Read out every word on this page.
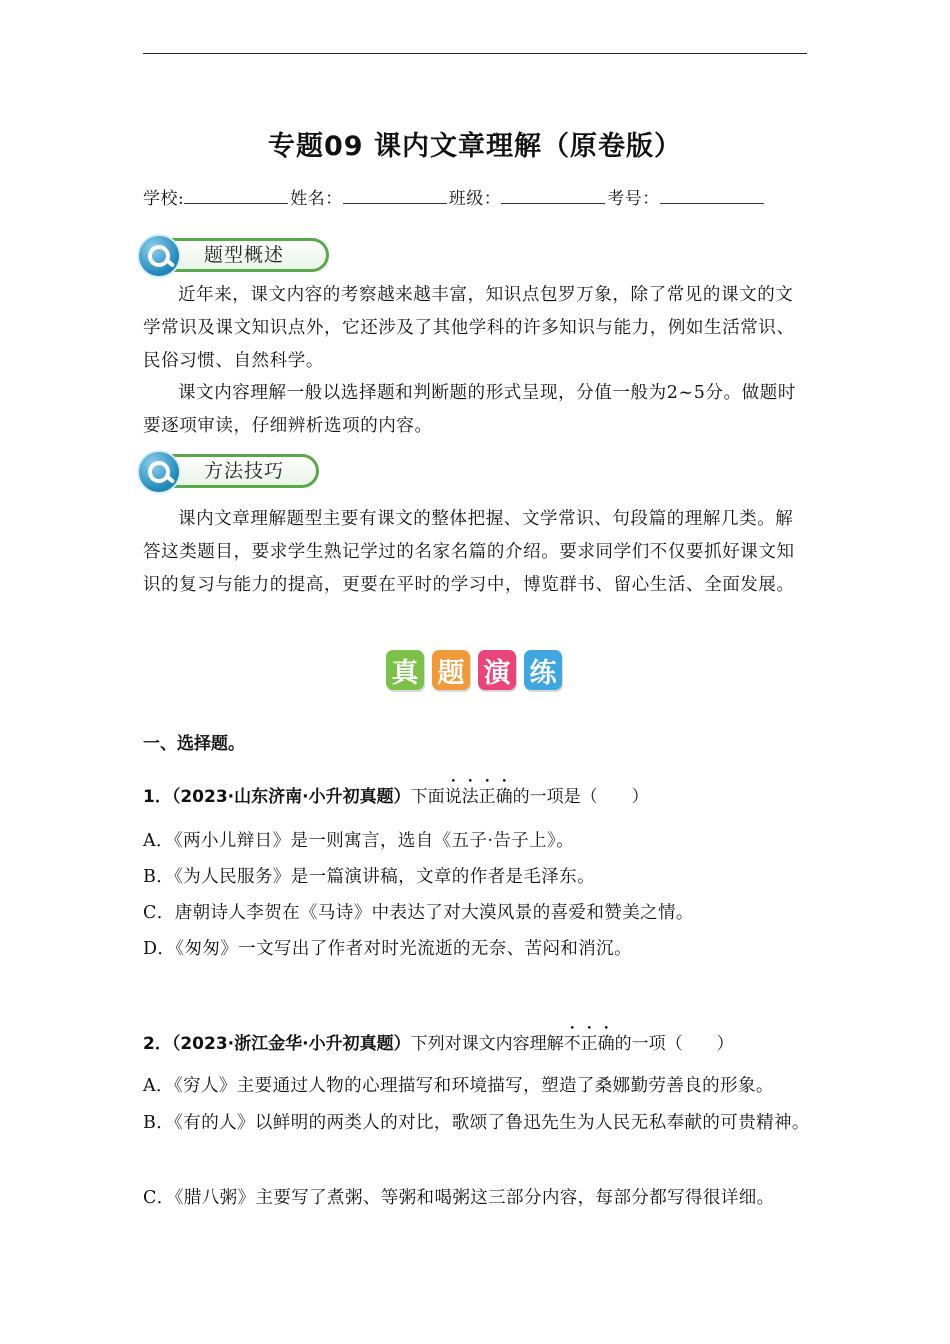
专题09 课内文章理解（原卷版）
学校:	姓名：	班级：	考号：
题型概述

近年来，课文内容的考察越来越丰富，知识点包罗万象，除了常见的课文的文学常识及课文知识点外，它还涉及了其他学科的许多知识与能力，例如生活常识、民俗习惯、自然科学。

课文内容理解一般以选择题和判断题的形式呈现，分值一般为2~5分。做题时要逐项审读，仔细辨析选项的内容。

方法技巧

课内文章理解题型主要有课文的整体把握、文学常识、句段篇的理解几类。解答这类题目，要求学生熟记学过的名家名篇的介绍。要求同学们不仅要抓好课文知识的复习与能力的提高，更要在平时的学习中，博览群书、留心生活、全面发展。

真 题 演 练
一、选择题。
1．（2023·山东济南·小升初真题）下面说法正确的一项是（　　）

A．《两小儿辩日》是一则寓言，选自《五子·告子上》。

B．《为人民服务》是一篇演讲稿，文章的作者是毛泽东。

C．唐朝诗人李贺在《马诗》中表达了对大漠风景的喜爱和赞美之情。

D．《匆匆》一文写出了作者对时光流逝的无奈、苦闷和消沉。

2．（2023·浙江金华·小升初真题）下列对课文内容理解不正确的一项（　　）

A．《穷人》主要通过人物的心理描写和环境描写，塑造了桑娜勤劳善良的形象。

B．《有的人》以鲜明的两类人的对比，歌颂了鲁迅先生为人民无私奉献的可贵精神。

C．《腊八粥》主要写了煮粥、等粥和喝粥这三部分内容，每部分都写得很详细。
